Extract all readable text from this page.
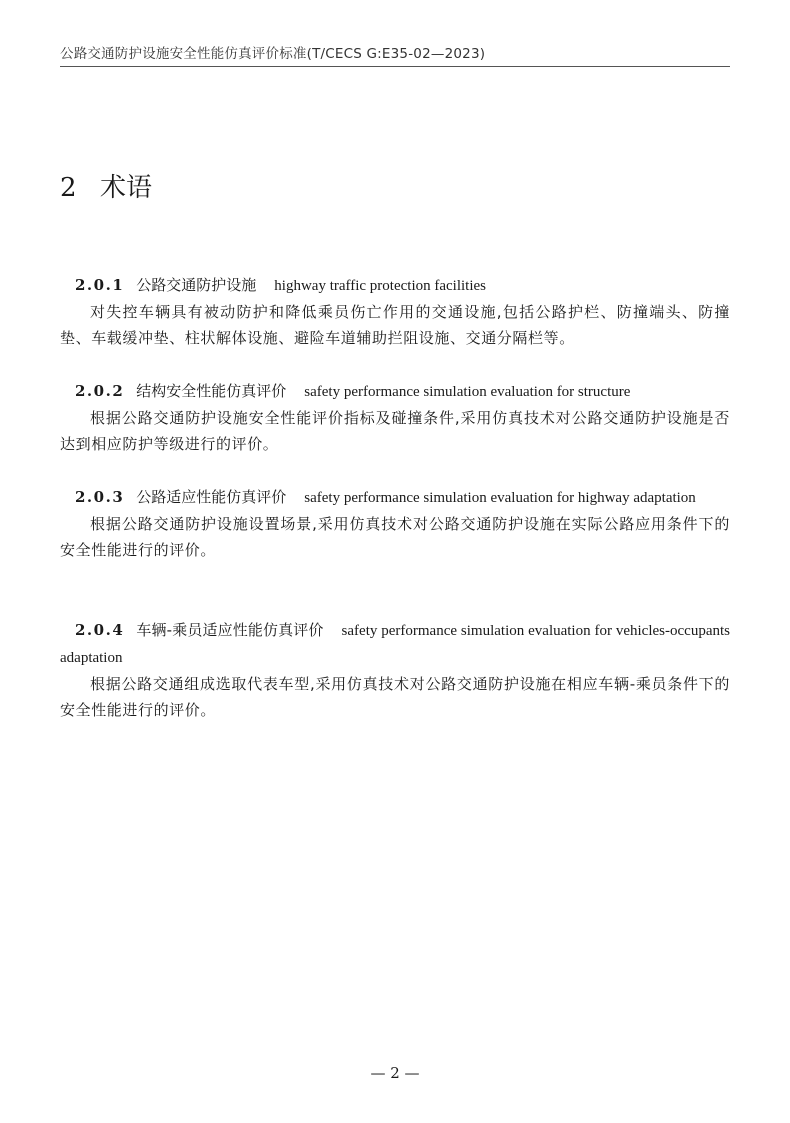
公路交通防护设施安全性能仿真评价标准(T/CECS G:E35-02—2023)
2 术语
2.0.1 公路交通防护设施 highway traffic protection facilities
对失控车辆具有被动防护和降低乘员伤亡作用的交通设施,包括公路护栏、防撞端头、防撞垫、车载缓冲垫、柱状解体设施、避险车道辅助拦阻设施、交通分隔栏等。
2.0.2 结构安全性能仿真评价 safety performance simulation evaluation for structure
根据公路交通防护设施安全性能评价指标及碰撞条件,采用仿真技术对公路交通防护设施是否达到相应防护等级进行的评价。
2.0.3 公路适应性能仿真评价 safety performance simulation evaluation for highway adaptation
根据公路交通防护设施设置场景,采用仿真技术对公路交通防护设施在实际公路应用条件下的安全性能进行的评价。
2.0.4 车辆-乘员适应性能仿真评价 safety performance simulation evaluation for vehicles-occupants adaptation
根据公路交通组成选取代表车型,采用仿真技术对公路交通防护设施在相应车辆-乘员条件下的安全性能进行的评价。
— 2 —
